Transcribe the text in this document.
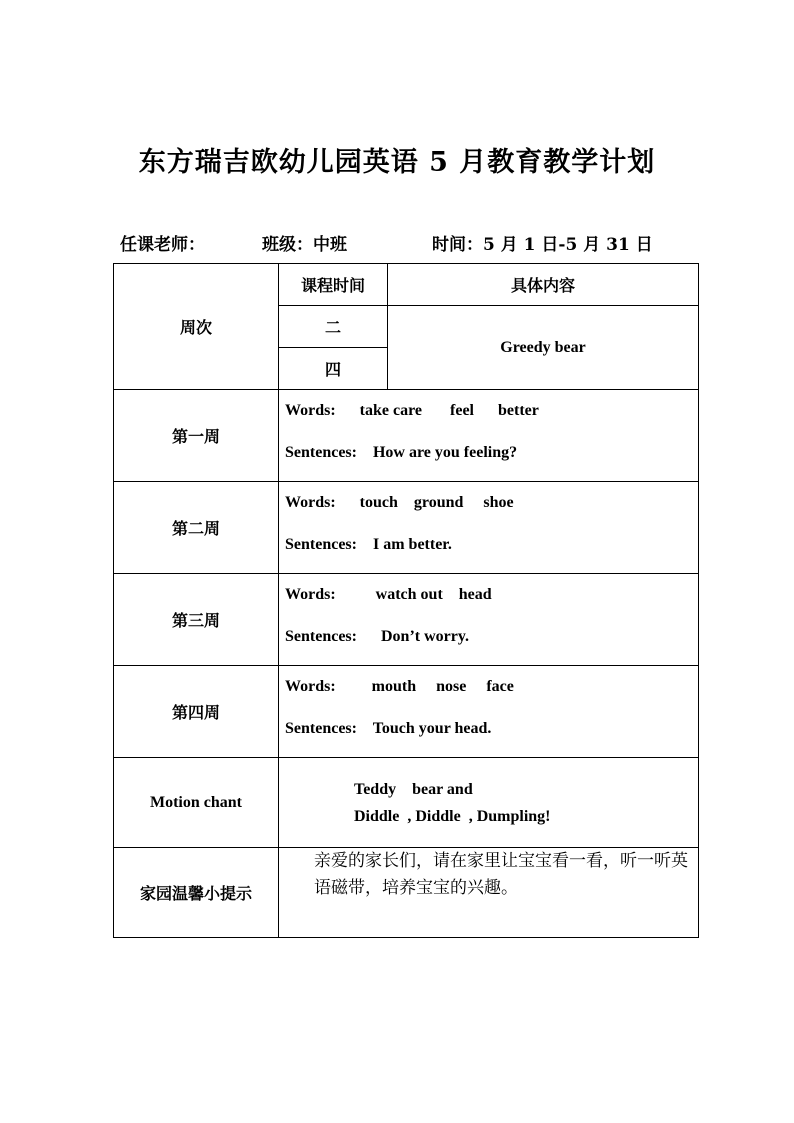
东方瑞吉欧幼儿园英语 5 月教育教学计划
任课老师：	班级：中班	时间：5 月 1 日-5 月 31 日
周次	课程时间	具体内容
	二	Greedy bear
	四	
第一周	Words:      take care       feel      better
Sentences:    How are you feeling?	

第二周	Words:      touch    ground     shoe
Sentences:    I am better.	

第三周	Words:          watch out    head
Sentences:      Don’t worry.	

第四周	Words:         mouth     nose     face
Sentences:    Touch your head.	

Motion chant	Teddy    bear and
Diddle  , Diddle  , Dumpling!	

家园温馨小提示	亲爱的家长们，请在家里让宝宝看一看，听一听英语磁带，培养宝宝的兴趣。	
